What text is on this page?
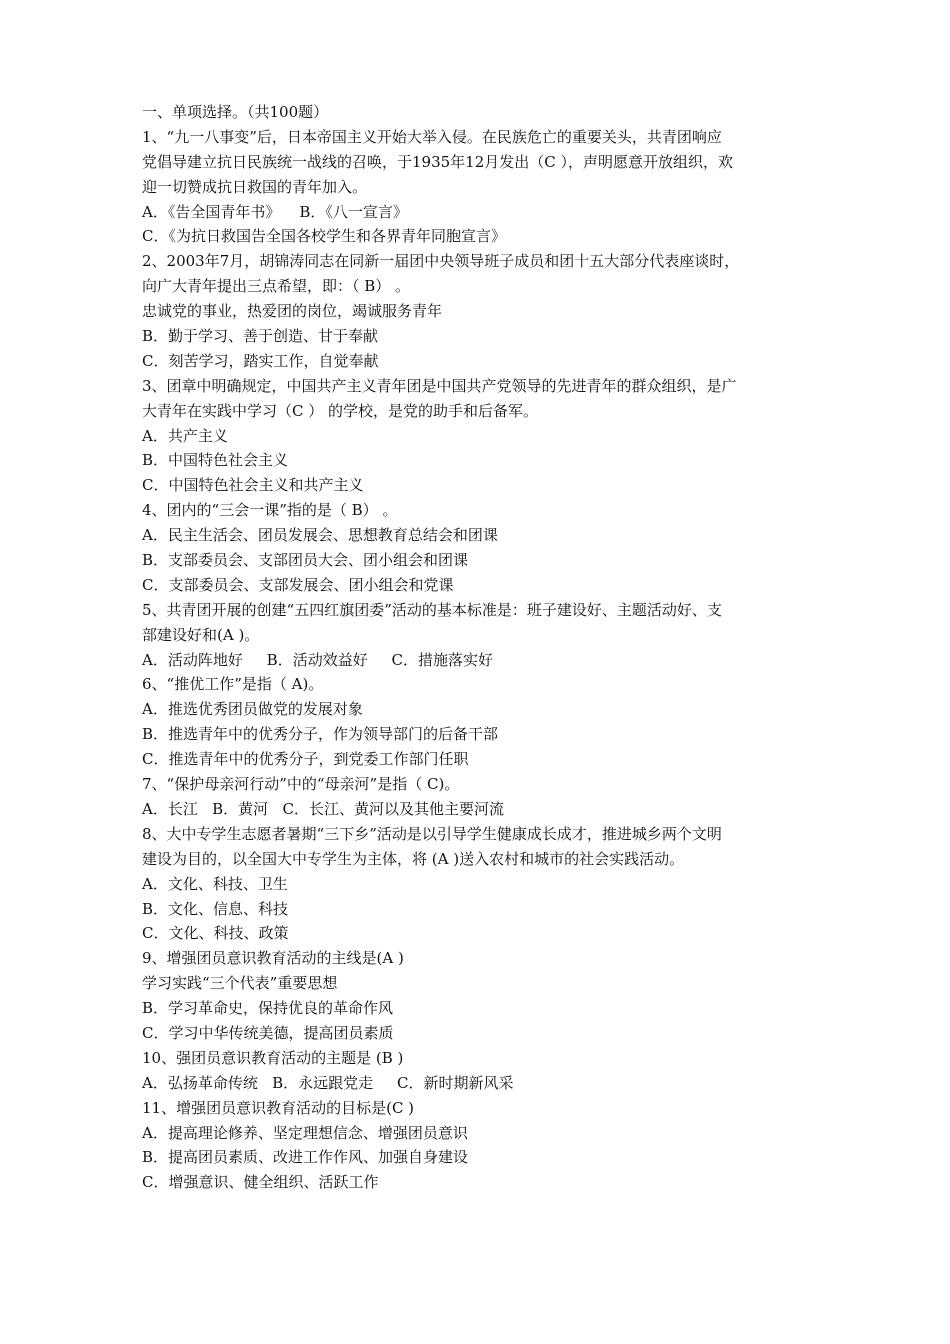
一、单项选择。（共100题）

1、“九一八事变”后，日本帝国主义开始大举入侵。在民族危亡的重要关头，共青团响应

党倡导建立抗日民族统一战线的召唤，于1935年12月发出（C ），声明愿意开放组织，欢

迎一切赞成抗日救国的青年加入。

A．《告全国青年书》    B．《八一宣言》

C．《为抗日救国告全国各校学生和各界青年同胞宣言》

2、2003年7月，胡锦涛同志在同新一届团中央领导班子成员和团十五大部分代表座谈时，

向广大青年提出三点希望，即：（ B） 。

忠诚党的事业，热爱团的岗位，竭诚服务青年

B．勤于学习、善于创造、甘于奉献

C．刻苦学习，踏实工作，自觉奉献

3、团章中明确规定，中国共产主义青年团是中国共产党领导的先进青年的群众组织，是广

大青年在实践中学习（C ） 的学校，是党的助手和后备军。

A．共产主义

B．中国特色社会主义

C．中国特色社会主义和共产主义

4、团内的“三会一课”指的是（ B） 。

A．民主生活会、团员发展会、思想教育总结会和团课

B．支部委员会、支部团员大会、团小组会和团课

C．支部委员会、支部发展会、团小组会和党课

5、共青团开展的创建“五四红旗团委”活动的基本标准是：班子建设好、主题活动好、支

部建设好和(A )。

A．活动阵地好     B．活动效益好     C．措施落实好

6、“推优工作”是指（ A)。

A．推选优秀团员做党的发展对象

B．推选青年中的优秀分子，作为领导部门的后备干部

C．推选青年中的优秀分子，到党委工作部门任职

7、“保护母亲河行动”中的“母亲河”是指（ C)。

A．长江   B．黄河   C．长江、黄河以及其他主要河流

8、大中专学生志愿者暑期“三下乡”活动是以引导学生健康成长成才，推进城乡两个文明

建设为目的，以全国大中专学生为主体，将 (A )送入农村和城市的社会实践活动。

A．文化、科技、卫生

B．文化、信息、科技

C．文化、科技、政策

9、增强团员意识教育活动的主线是(A )

学习实践“三个代表”重要思想

B．学习革命史，保持优良的革命作风

C．学习中华传统美德，提高团员素质

10、强团员意识教育活动的主题是 (B )

A．弘扬革命传统   B．永远跟党走     C．新时期新风采

11、增强团员意识教育活动的目标是(C )

A．提高理论修养、坚定理想信念、增强团员意识

B．提高团员素质、改进工作作风、加强自身建设

C．增强意识、健全组织、活跃工作
